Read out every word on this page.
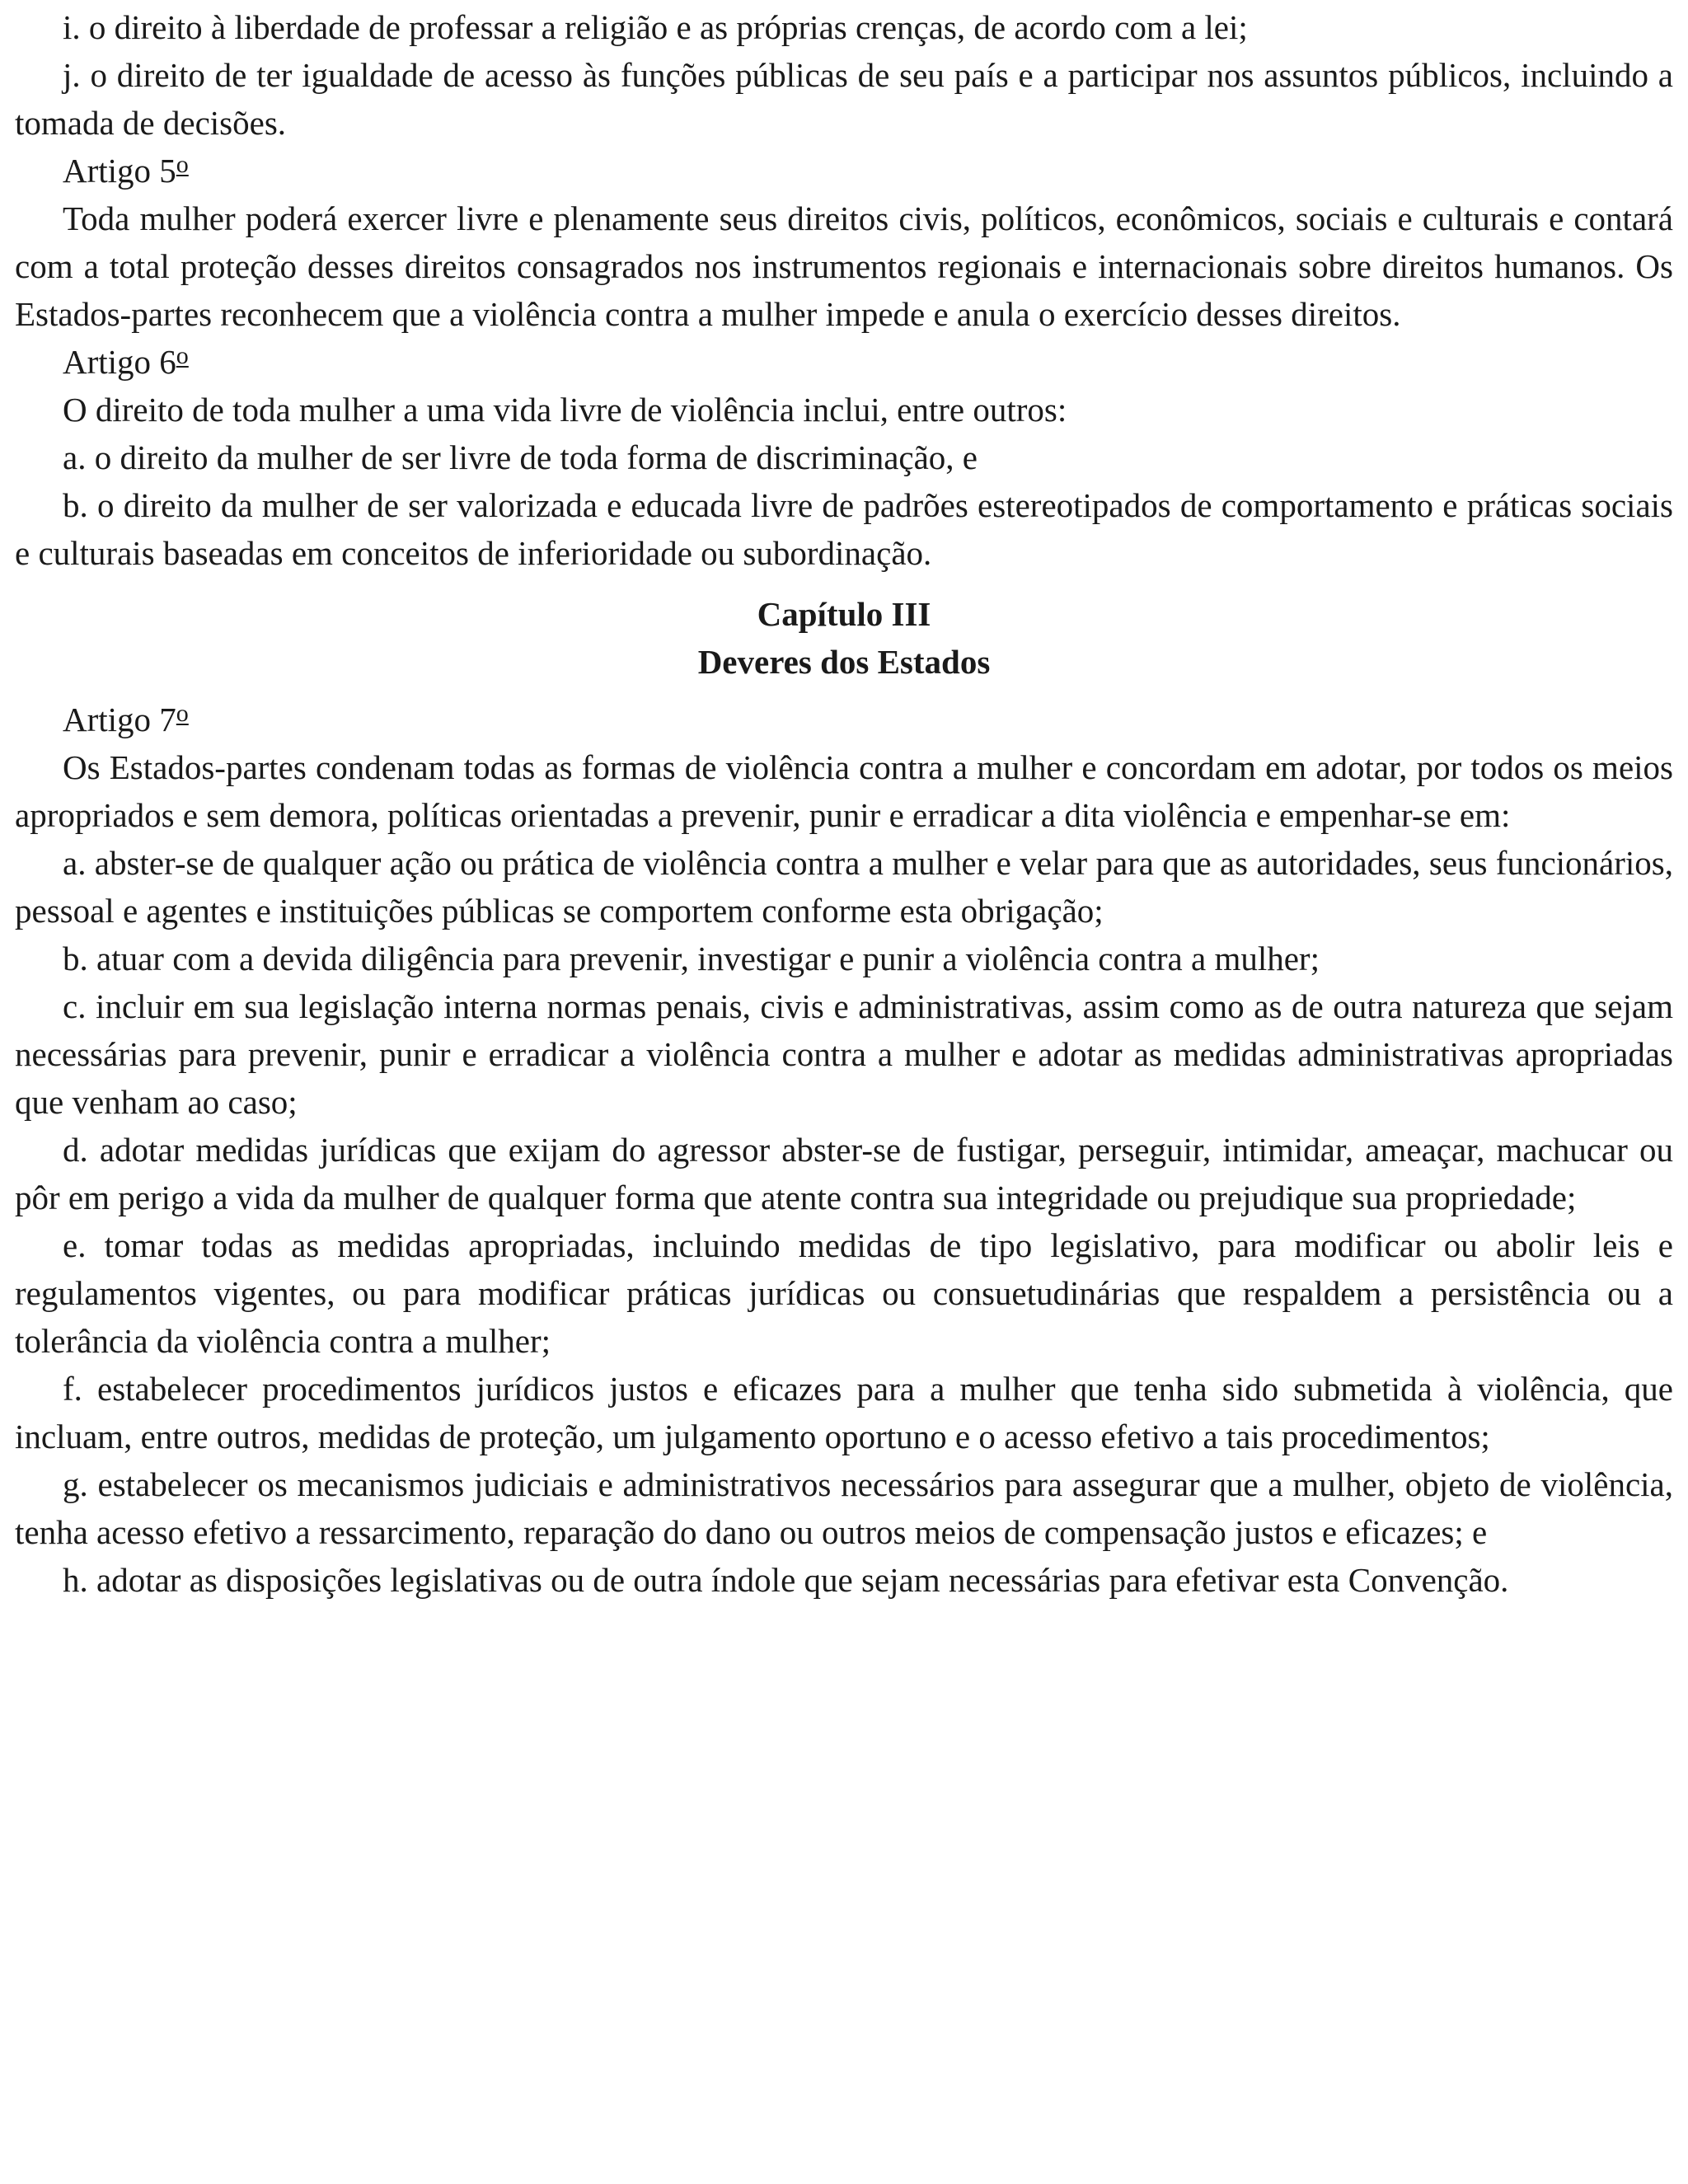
i. o direito à liberdade de professar a religião e as próprias crenças, de acordo com a lei;

j. o direito de ter igualdade de acesso às funções públicas de seu país e a participar nos assuntos públicos, incluindo a tomada de decisões.

Artigo 5$^o$

Toda mulher poderá exercer livre e plenamente seus direitos civis, políticos, econômicos, sociais e culturais e contará com a total proteção desses direitos consagrados nos instrumentos regionais e internacionais sobre direitos humanos. Os Estados-partes reconhecem que a violência contra a mulher impede e anula o exercício desses direitos.

Artigo 6$^o$

O direito de toda mulher a uma vida livre de violência inclui, entre outros:

a. o direito da mulher de ser livre de toda forma de discriminação, e

b. o direito da mulher de ser valorizada e educada livre de padrões estereotipados de comportamento e práticas sociais e culturais baseadas em conceitos de inferioridade ou subordinação.

Capítulo III

Deveres dos Estados

Artigo 7$^o$

Os Estados-partes condenam todas as formas de violência contra a mulher e concordam em adotar, por todos os meios apropriados e sem demora, políticas orientadas a prevenir, punir e erradicar a dita violência e empenhar-se em:

a. abster-se de qualquer ação ou prática de violência contra a mulher e velar para que as autoridades, seus funcionários, pessoal e agentes e instituições públicas se comportem conforme esta obrigação;

b. atuar com a devida diligência para prevenir, investigar e punir a violência contra a mulher;

c. incluir em sua legislação interna normas penais, civis e administrativas, assim como as de outra natureza que sejam necessárias para prevenir, punir e erradicar a violência contra a mulher e adotar as medidas administrativas apropriadas que venham ao caso;

d. adotar medidas jurídicas que exijam do agressor abster-se de fustigar, perseguir, intimidar, ameaçar, machucar ou pôr em perigo a vida da mulher de qualquer forma que atente contra sua integridade ou prejudique sua propriedade;

e. tomar todas as medidas apropriadas, incluindo medidas de tipo legislativo, para modificar ou abolir leis e regulamentos vigentes, ou para modificar práticas jurídicas ou consuetudinárias que respaldem a persistência ou a tolerância da violência contra a mulher;

f. estabelecer procedimentos jurídicos justos e eficazes para a mulher que tenha sido submetida à violência, que incluam, entre outros, medidas de proteção, um julgamento oportuno e o acesso efetivo a tais procedimentos;

g. estabelecer os mecanismos judiciais e administrativos necessários para assegurar que a mulher, objeto de violência, tenha acesso efetivo a ressarcimento, reparação do dano ou outros meios de compensação justos e eficazes; e

h. adotar as disposições legislativas ou de outra índole que sejam necessárias para efetivar esta Convenção.
